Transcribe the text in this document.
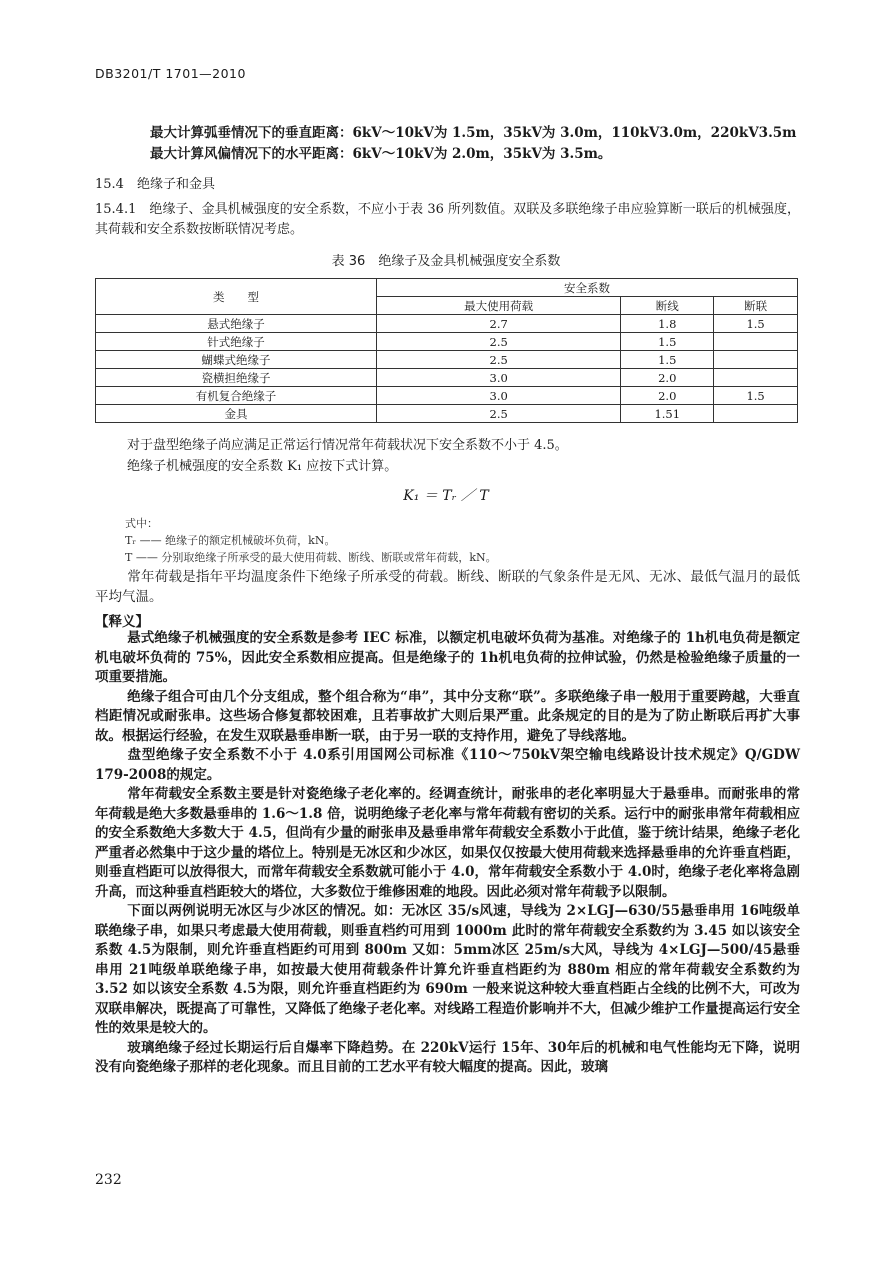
DB3201/T 1701—2010
最大计算弧垂情况下的垂直距离：6kV～10kV为 1.5m，35kV为 3.0m，110kV3.0m，220kV3.5m
最大计算风偏情况下的水平距离：6kV～10kV为 2.0m，35kV为 3.5m。
15.4　绝缘子和金具
15.4.1　绝缘子、金具机械强度的安全系数，不应小于表 36 所列数值。双联及多联绝缘子串应验算断一联后的机械强度，其荷载和安全系数按断联情况考虑。
表 36　绝缘子及金具机械强度安全系数
类　　型	安全系数		
	最大使用荷载	断线	断联
悬式绝缘子	2.7	1.8	1.5
针式绝缘子	2.5	1.5	
蝴蝶式绝缘子	2.5	1.5	
瓷横担绝缘子	3.0	2.0	
有机复合绝缘子	3.0	2.0	1.5
金具	2.5	1.51	
对于盘型绝缘子尚应满足正常运行情况常年荷载状况下安全系数不小于 4.5。
绝缘子机械强度的安全系数 K₁ 应按下式计算。
K₁ ＝ Tᵣ ／ T
式中：
Tᵣ —— 绝缘子的额定机械破坏负荷，kN。
T —— 分别取绝缘子所承受的最大使用荷载、断线、断联或常年荷载，kN。

常年荷载是指年平均温度条件下绝缘子所承受的荷载。断线、断联的气象条件是无风、无冰、最低气温月的最低平均气温。

【释义】

悬式绝缘子机械强度的安全系数是参考 IEC 标准，以额定机电破坏负荷为基准。对绝缘子的 1h机电负荷是额定机电破坏负荷的 75%，因此安全系数相应提高。但是绝缘子的 1h机电负荷的拉伸试验，仍然是检验绝缘子质量的一项重要措施。

绝缘子组合可由几个分支组成，整个组合称为“串”，其中分支称“联”。多联绝缘子串一般用于重要跨越，大垂直档距情况或耐张串。这些场合修复都较困难，且若事故扩大则后果严重。此条规定的目的是为了防止断联后再扩大事故。根据运行经验，在发生双联悬垂串断一联，由于另一联的支持作用，避免了导线落地。

盘型绝缘子安全系数不小于 4.0系引用国网公司标准《110～750kV架空输电线路设计技术规定》Q/GDW 179-2008的规定。

常年荷载安全系数主要是针对瓷绝缘子老化率的。经调查统计，耐张串的老化率明显大于悬垂串。而耐张串的常年荷载是绝大多数悬垂串的 1.6～1.8 倍，说明绝缘子老化率与常年荷载有密切的关系。运行中的耐张串常年荷载相应的安全系数绝大多数大于 4.5，但尚有少量的耐张串及悬垂串常年荷载安全系数小于此值，鉴于统计结果，绝缘子老化严重者必然集中于这少量的塔位上。特别是无冰区和少冰区，如果仅仅按最大使用荷载来选择悬垂串的允许垂直档距，则垂直档距可以放得很大，而常年荷载安全系数就可能小于 4.0，常年荷载安全系数小于 4.0时，绝缘子老化率将急剧升高，而这种垂直档距较大的塔位，大多数位于维修困难的地段。因此必须对常年荷载予以限制。

下面以两例说明无冰区与少冰区的情况。如：无冰区 35/s风速，导线为 2×LGJ—630/55悬垂串用 16吨级单联绝缘子串，如果只考虑最大使用荷载，则垂直档约可用到 1000m 此时的常年荷载安全系数约为 3.45 如以该安全系数 4.5为限制，则允许垂直档距约可用到 800m 又如：5mm冰区 25m/s大风，导线为 4×LGJ—500/45悬垂串用 21吨级单联绝缘子串，如按最大使用荷载条件计算允许垂直档距约为 880m 相应的常年荷载安全系数约为 3.52 如以该安全系数 4.5为限，则允许垂直档距约为 690m 一般来说这种较大垂直档距占全线的比例不大，可改为双联串解决，既提高了可靠性，又降低了绝缘子老化率。对线路工程造价影响并不大，但减少维护工作量提高运行安全性的效果是较大的。

玻璃绝缘子经过长期运行后自爆率下降趋势。在 220kV运行 15年、30年后的机械和电气性能均无下降，说明没有向瓷绝缘子那样的老化现象。而且目前的工艺水平有较大幅度的提高。因此，玻璃

232
